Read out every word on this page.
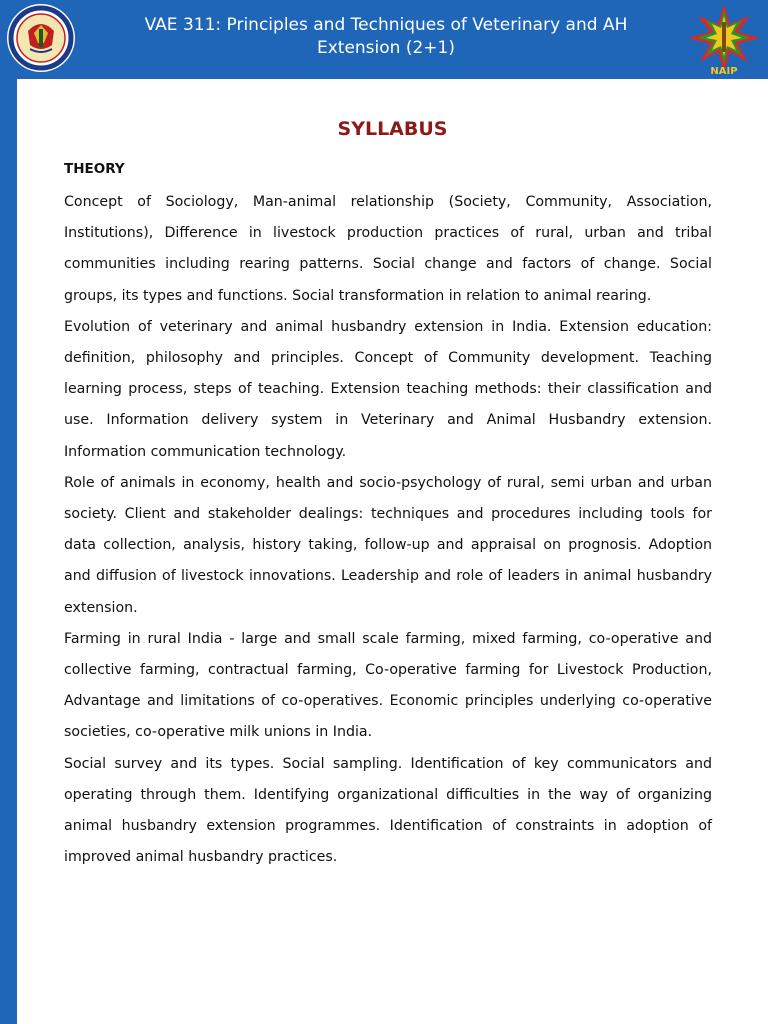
VAE 311: Principles and Techniques of Veterinary and AH
Extension (2+1)
NAIP
SYLLABUS
THEORY

Concept of Sociology, Man-animal relationship (Society, Community, Association, Institutions), Difference in livestock production practices of rural, urban and tribal communities including rearing patterns. Social change and factors of change. Social groups, its types and functions. Social transformation in relation to animal rearing.

Evolution of veterinary and animal husbandry extension in India. Extension education: definition, philosophy and principles. Concept of Community development. Teaching learning process, steps of teaching. Extension teaching methods: their classification and use. Information delivery system in Veterinary and Animal Husbandry extension. Information communication technology.

Role of animals in economy, health and socio-psychology of rural, semi urban and urban society. Client and stakeholder dealings: techniques and procedures including tools for data collection, analysis, history taking, follow-up and appraisal on prognosis. Adoption and diffusion of livestock innovations. Leadership and role of leaders in animal husbandry extension.

Farming in rural India - large and small scale farming, mixed farming, co-operative and collective farming, contractual farming, Co-operative farming for Livestock Production, Advantage and limitations of co-operatives. Economic principles underlying co-operative societies, co-operative milk unions in India.

Social survey and its types. Social sampling. Identification of key communicators and operating through them. Identifying organizational difficulties in the way of organizing animal husbandry extension programmes. Identification of constraints in adoption of improved animal husbandry practices.
